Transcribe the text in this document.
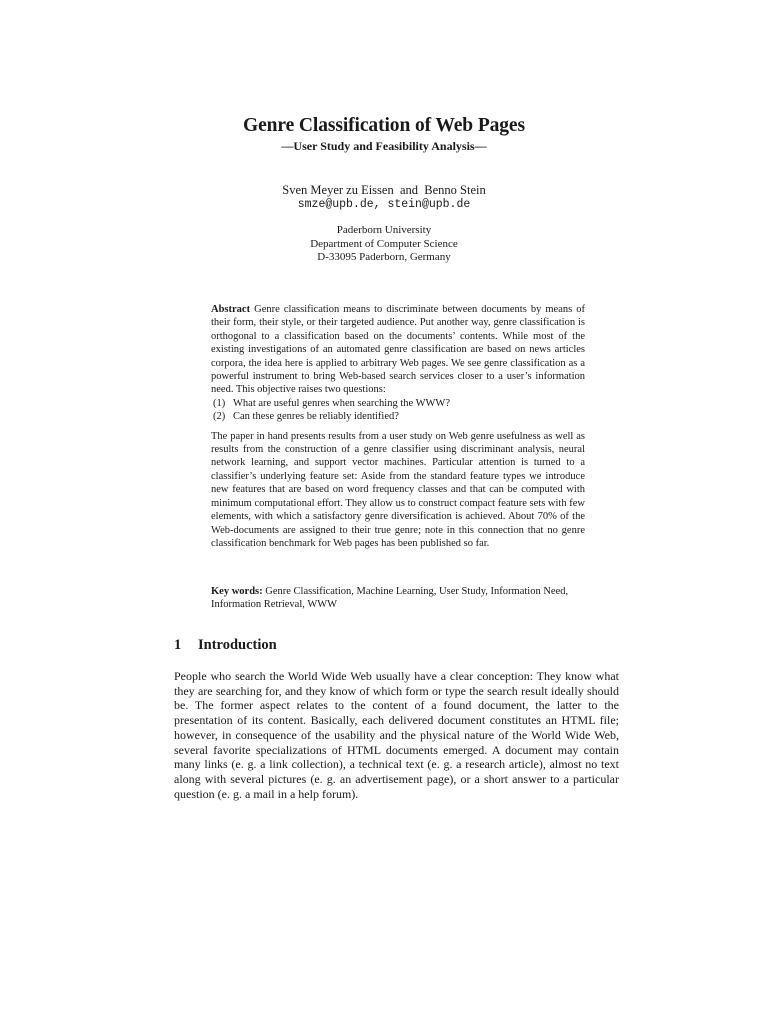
Genre Classification of Web Pages
—User Study and Feasibility Analysis—
Sven Meyer zu Eissen  and  Benno Stein
smze@upb.de, stein@upb.de
Paderborn University
Department of Computer Science
D-33095 Paderborn, Germany

Abstract Genre classification means to discriminate between documents by means of their form, their style, or their targeted audience. Put another way, genre classification is orthogonal to a classification based on the documents’ contents. While most of the existing investigations of an automated genre classification are based on news articles corpora, the idea here is applied to arbitrary Web pages. We see genre classification as a powerful instrument to bring Web-based search services closer to a user’s information need. This objective raises two questions:

(1) What are useful genres when searching the WWW?
(2) Can these genres be reliably identified?

The paper in hand presents results from a user study on Web genre usefulness as well as results from the construction of a genre classifier using discriminant analysis, neural network learning, and support vector machines. Particular attention is turned to a classifier’s underlying feature set: Aside from the standard feature types we introduce new features that are based on word frequency classes and that can be computed with minimum computational effort. They allow us to construct compact feature sets with few elements, with which a satisfactory genre diversification is achieved. About 70% of the Web-documents are assigned to their true genre; note in this connection that no genre classification benchmark for Web pages has been published so far.

Key words: Genre Classification, Machine Learning, User Study, Information Need, Information Retrieval, WWW
1 Introduction

People who search the World Wide Web usually have a clear conception: They know what they are searching for, and they know of which form or type the search result ideally should be. The former aspect relates to the content of a found document, the latter to the presentation of its content. Basically, each delivered document constitutes an HTML file; however, in consequence of the usability and the physical nature of the World Wide Web, several favorite specializations of HTML documents emerged. A document may contain many links (e. g. a link collection), a technical text (e. g. a research article), almost no text along with several pictures (e. g. an advertisement page), or a short answer to a particular question (e. g. a mail in a help forum).
